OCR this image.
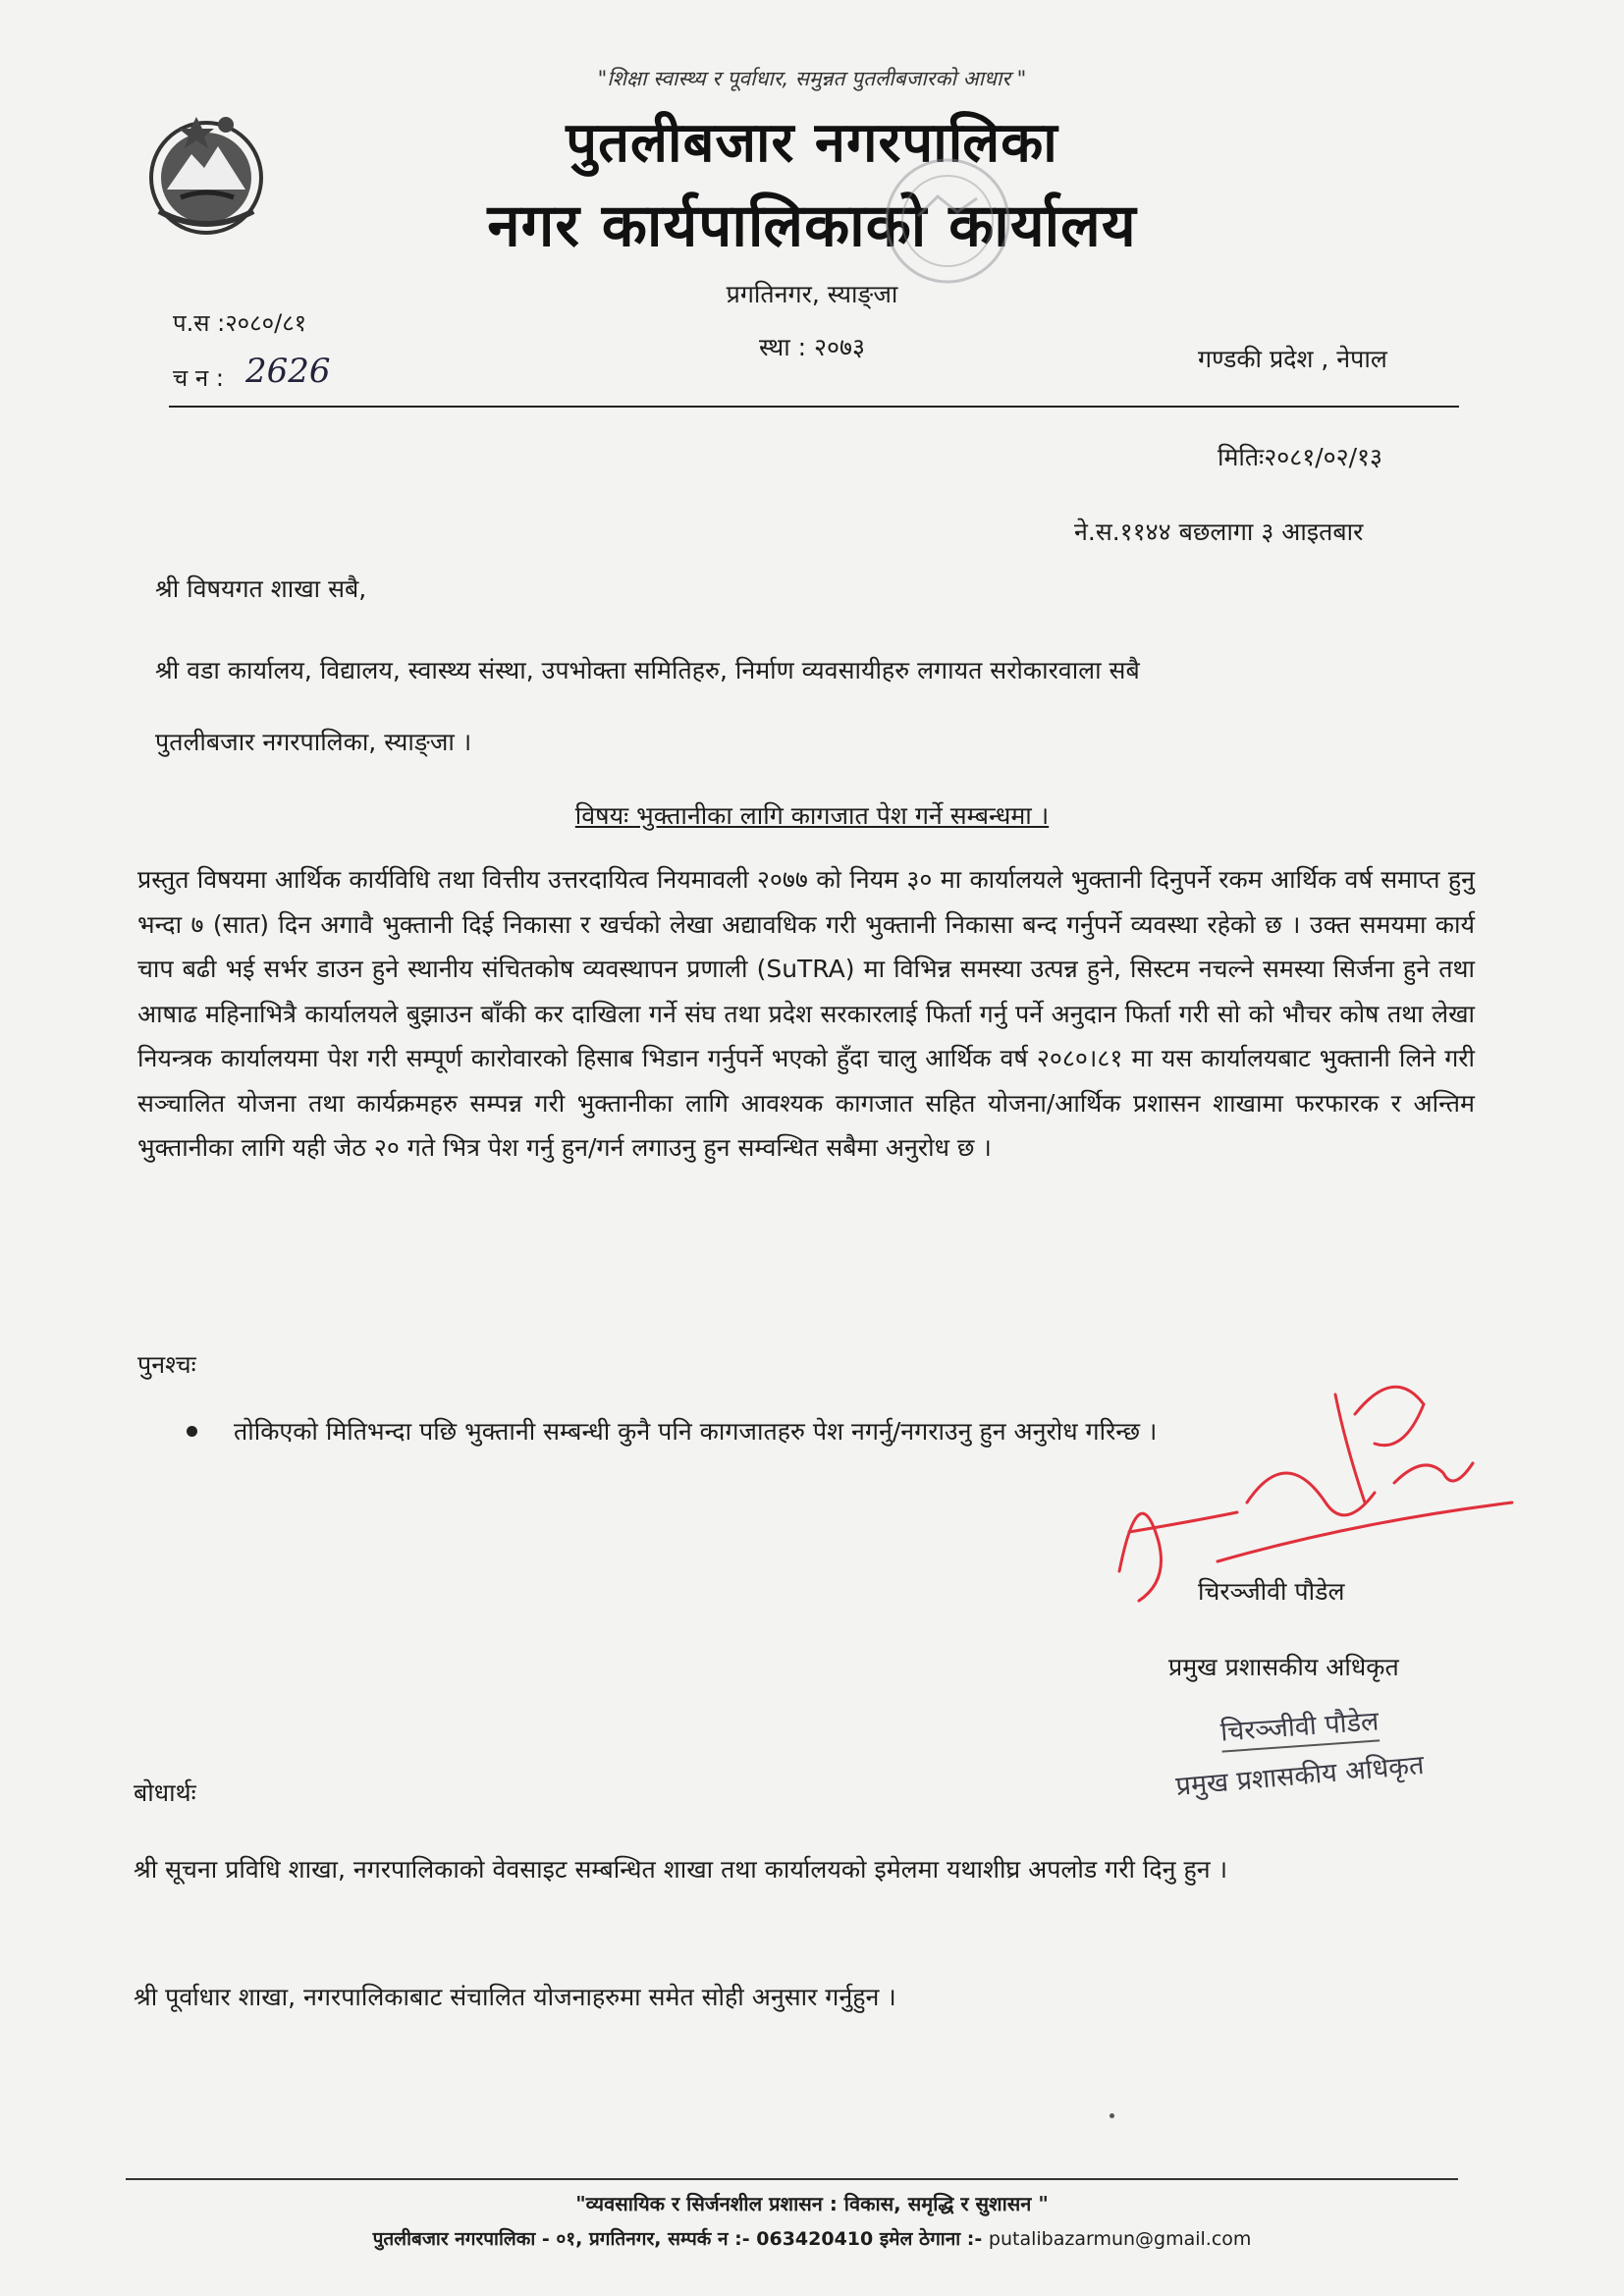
"शिक्षा स्वास्थ्य र पूर्वाधार, समुन्नत पुतलीबजारको आधार "
पुतलीबजार नगरपालिका
नगर कार्यपालिकाको कार्यालय
प्रगतिनगर, स्याङ्जा
स्था : २०७३
प.स :२०८०/८१
च न : 2626	गण्डकी प्रदेश , नेपाल
मितिः२०८१/०२/१३
ने.स.११४४ बछलागा ३ आइतबार
श्री विषयगत शाखा सबै,
श्री वडा कार्यालय, विद्यालय, स्वास्थ्य संस्था, उपभोक्ता समितिहरु, निर्माण व्यवसायीहरु लगायत सरोकारवाला सबै
पुतलीबजार नगरपालिका, स्याङ्जा ।
विषयः भुक्तानीका लागि कागजात पेश गर्ने सम्बन्धमा ।
प्रस्तुत विषयमा आर्थिक कार्यविधि तथा वित्तीय उत्तरदायित्व नियमावली २०७७ को नियम ३० मा कार्यालयले भुक्तानी दिनुपर्ने रकम आर्थिक वर्ष समाप्त हुनु भन्दा ७ (सात) दिन अगावै भुक्तानी दिई निकासा र खर्चको लेखा अद्यावधिक गरी भुक्तानी निकासा बन्द गर्नुपर्ने व्यवस्था रहेको छ । उक्त समयमा कार्य चाप बढी भई सर्भर डाउन हुने स्थानीय संचितकोष व्यवस्थापन प्रणाली (SuTRA) मा विभिन्न समस्या उत्पन्न हुने, सिस्टम नचल्ने समस्या सिर्जना हुने तथा आषाढ महिनाभित्रै कार्यालयले बुझाउन बाँकी कर दाखिला गर्ने संघ तथा प्रदेश सरकारलाई फिर्ता गर्नु पर्ने अनुदान फिर्ता गरी सो को भौचर कोष तथा लेखा नियन्त्रक कार्यालयमा पेश गरी सम्पूर्ण कारोवारको हिसाब भिडान गर्नुपर्ने भएको हुँदा चालु आर्थिक वर्ष २०८०।८१ मा यस कार्यालयबाट भुक्तानी लिने गरी सञ्चालित योजना तथा कार्यक्रमहरु सम्पन्न गरी भुक्तानीका लागि आवश्यक कागजात सहित योजना/आर्थिक प्रशासन शाखामा फरफारक र अन्तिम भुक्तानीका लागि यही जेठ २० गते भित्र पेश गर्नु हुन/गर्न लगाउनु हुन सम्वन्धित सबैमा अनुरोध छ ।
पुनश्चः
तोकिएको मितिभन्दा पछि भुक्तानी सम्बन्धी कुनै पनि कागजातहरु पेश नगर्नु/नगराउनु हुन अनुरोध गरिन्छ ।
चिरञ्जीवी पौडेल
प्रमुख प्रशासकीय अधिकृत
चिरञ्जीवी पौडेल
प्रमुख प्रशासकीय अधिकृत
बोधार्थः
श्री सूचना प्रविधि शाखा, नगरपालिकाको वेवसाइट सम्बन्धित शाखा तथा कार्यालयको इमेलमा यथाशीघ्र अपलोड गरी दिनु हुन ।
श्री पूर्वाधार शाखा, नगरपालिकाबाट संचालित योजनाहरुमा समेत सोही अनुसार गर्नुहुन ।
"व्यवसायिक र सिर्जनशील प्रशासन : विकास, समृद्धि र सुशासन "
पुतलीबजार नगरपालिका - ०१, प्रगतिनगर, सम्पर्क न :- 063420410 इमेल ठेगाना :- putalibazarmun@gmail.com
